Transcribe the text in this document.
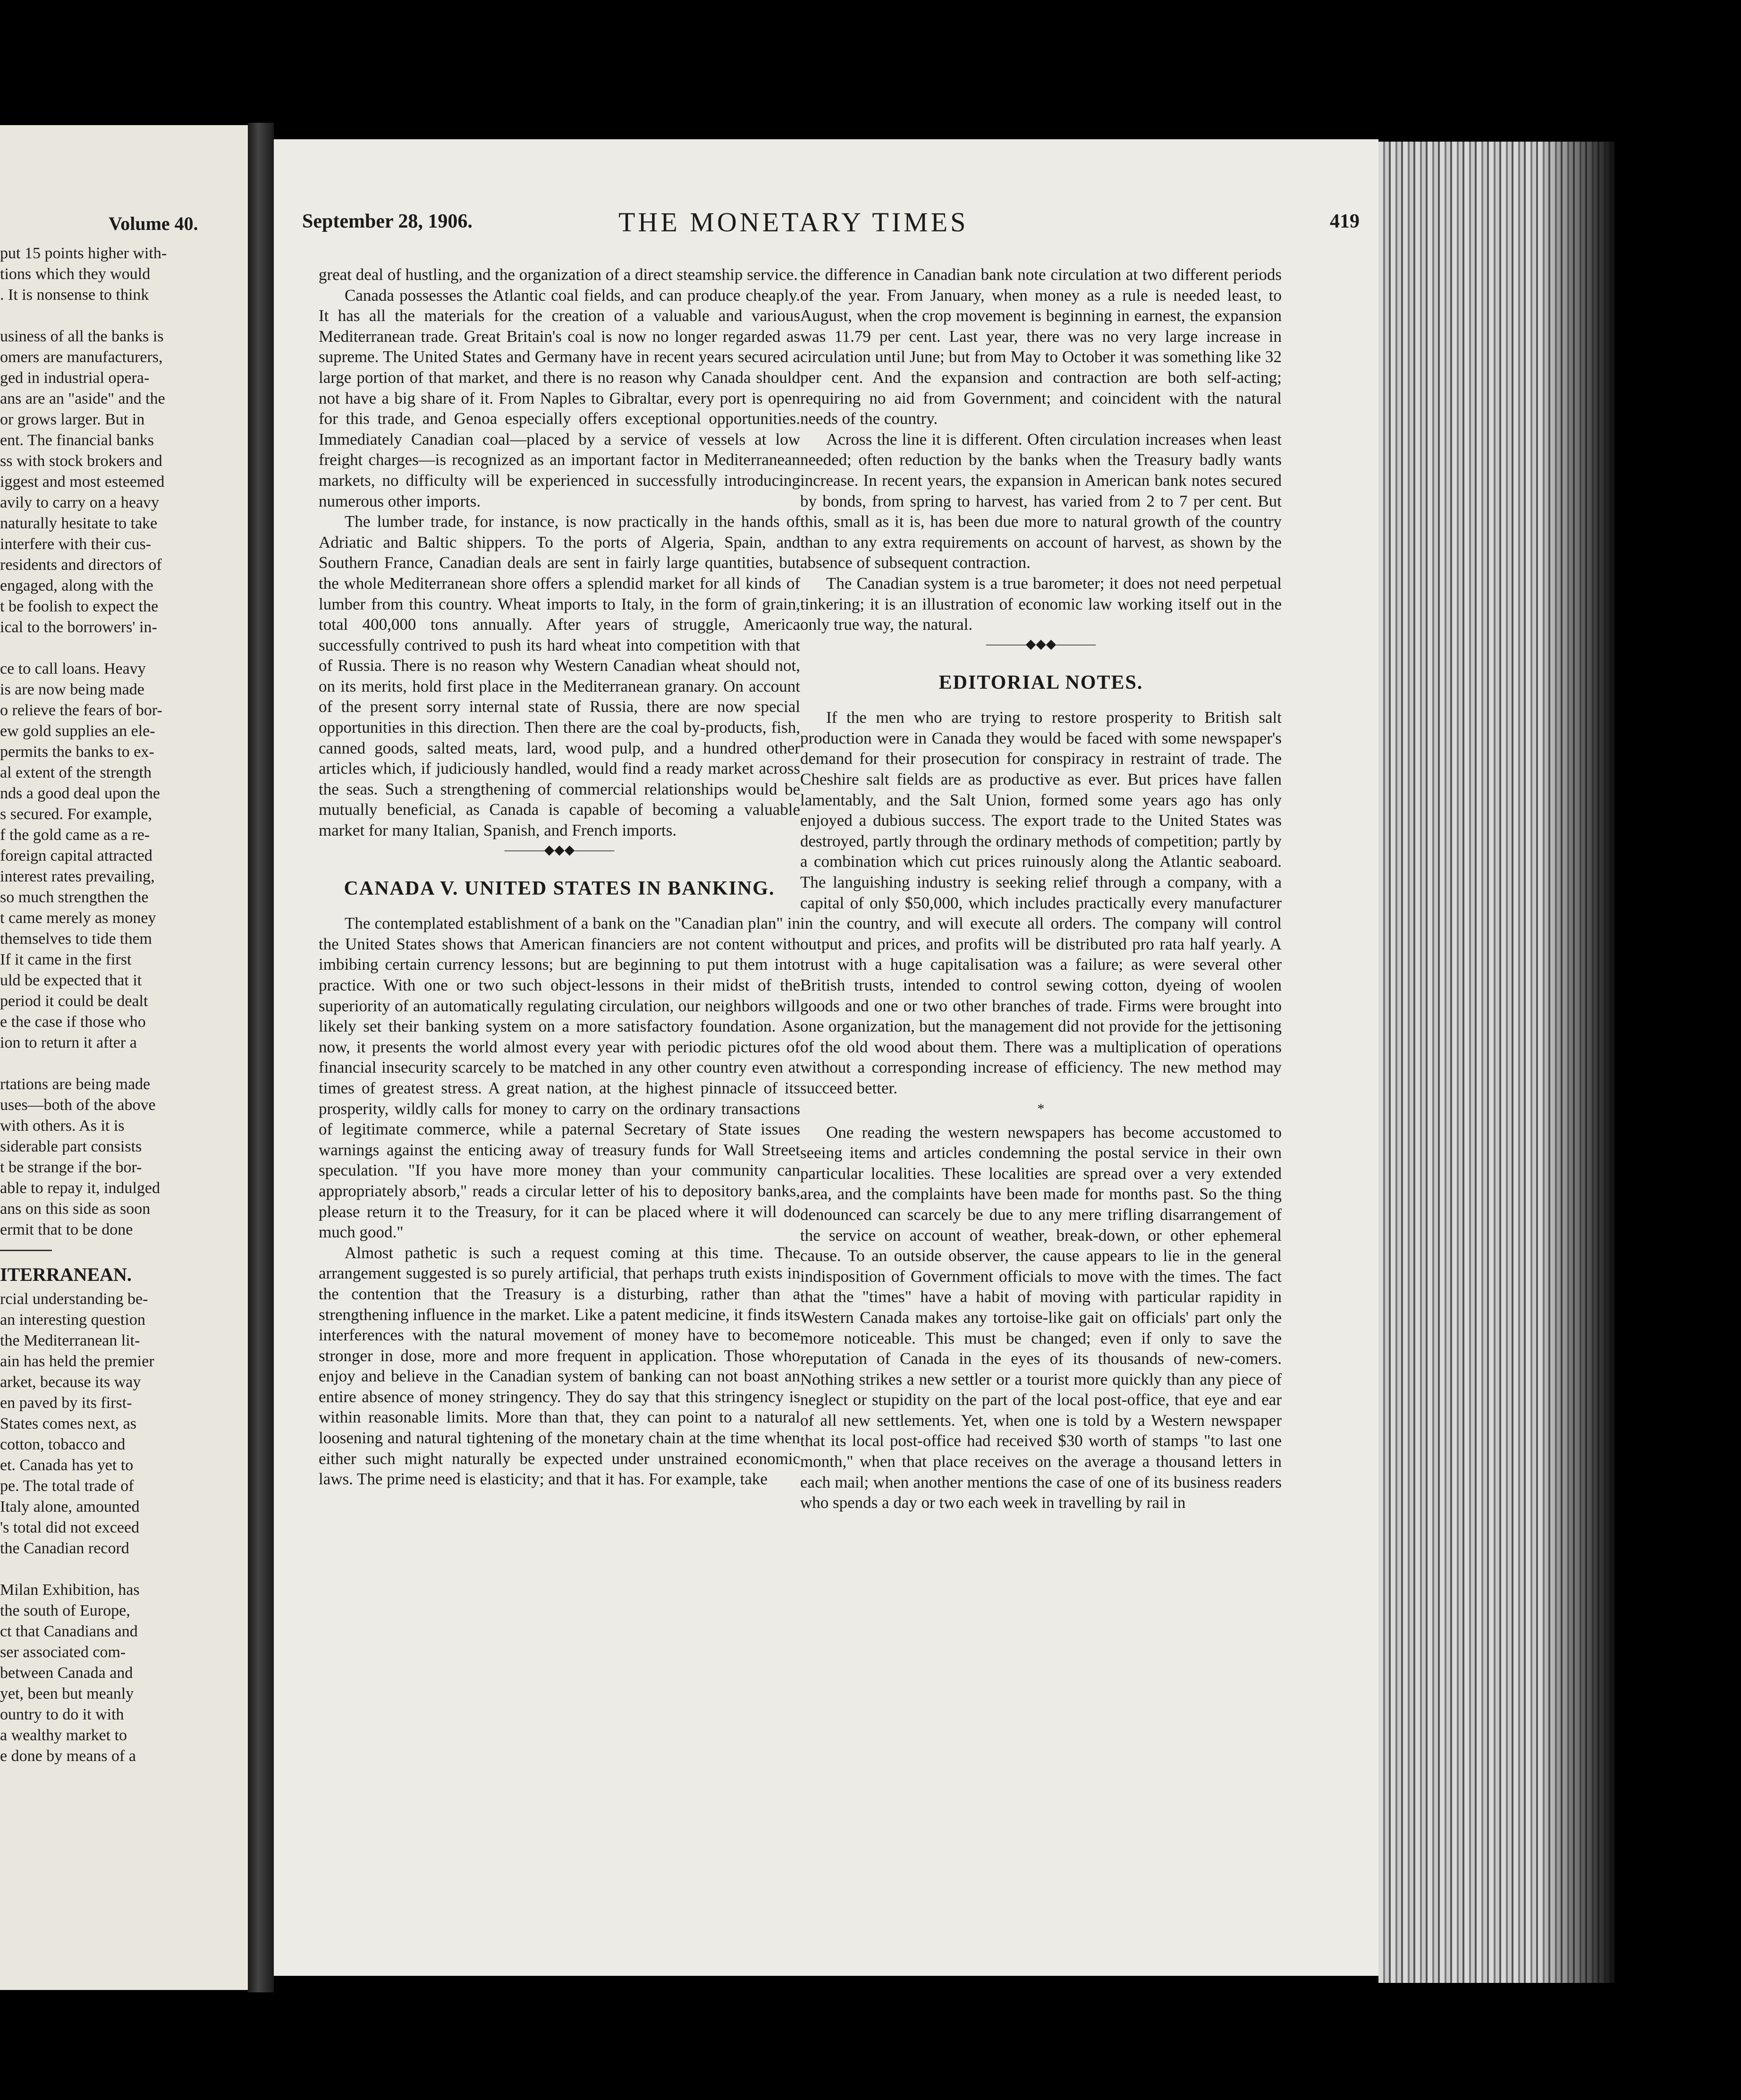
Volume 40.
put 15 points higher with-
tions which they would
. It is nonsense to think
usiness of all the banks is
omers are manufacturers,
ged in industrial opera-
ans are an "aside" and the
or grows larger. But in
ent. The financial banks
ss with stock brokers and
iggest and most esteemed
avily to carry on a heavy
naturally hesitate to take
interfere with their cus-
residents and directors of
engaged, along with the
t be foolish to expect the
ical to the borrowers' in-
ce to call loans. Heavy
is are now being made
o relieve the fears of bor-
ew gold supplies an ele-
permits the banks to ex-
al extent of the strength
nds a good deal upon the
s secured. For example,
f the gold came as a re-
foreign capital attracted
interest rates prevailing,
so much strengthen the
t came merely as money
themselves to tide them
If it came in the first
uld be expected that it
period it could be dealt
e the case if those who
ion to return it after a
rtations are being made
uses—both of the above
with others. As it is
siderable part consists
t be strange if the bor-
able to repay it, indulged
ans on this side as soon
ermit that to be done
ITERRANEAN.
rcial understanding be-
an interesting question
the Mediterranean lit-
ain has held the premier
arket, because its way
en paved by its first-
States comes next, as
cotton, tobacco and
et. Canada has yet to
pe. The total trade of
Italy alone, amounted
's total did not exceed
the Canadian record
Milan Exhibition, has
the south of Europe,
ct that Canadians and
ser associated com-
between Canada and
yet, been but meanly
ountry to do it with
a wealthy market to
e done by means of a
September 28, 1906.	THE MONETARY TIMES	419

great deal of hustling, and the organization of a direct steamship service.

Canada possesses the Atlantic coal fields, and can produce cheaply. It has all the materials for the creation of a valuable and various Mediterranean trade. Great Britain's coal is now no longer regarded as supreme. The United States and Germany have in recent years secured a large portion of that market, and there is no reason why Canada should not have a big share of it. From Naples to Gibraltar, every port is open for this trade, and Genoa especially offers exceptional opportunities. Immediately Canadian coal—placed by a service of vessels at low freight charges—is recognized as an important factor in Mediterranean markets, no difficulty will be experienced in successfully introducing numerous other imports.

The lumber trade, for instance, is now practically in the hands of Adriatic and Baltic shippers. To the ports of Algeria, Spain, and Southern France, Canadian deals are sent in fairly large quantities, but the whole Mediterranean shore offers a splendid market for all kinds of lumber from this country. Wheat imports to Italy, in the form of grain, total 400,000 tons annually. After years of struggle, America successfully contrived to push its hard wheat into competition with that of Russia. There is no reason why Western Canadian wheat should not, on its merits, hold first place in the Mediterranean granary. On account of the present sorry internal state of Russia, there are now special opportunities in this direction. Then there are the coal by-products, fish, canned goods, salted meats, lard, wood pulp, and a hundred other articles which, if judiciously handled, would find a ready market across the seas. Such a strengthening of commercial relationships would be mutually beneficial, as Canada is capable of becoming a valuable market for many Italian, Spanish, and French imports.

———◆◆◆———
CANADA V. UNITED STATES IN BANKING.

The contemplated establishment of a bank on the "Canadian plan" in the United States shows that American financiers are not content with imbibing certain currency lessons; but are beginning to put them into practice. With one or two such object-lessons in their midst of the superiority of an automatically regulating circulation, our neighbors will likely set their banking system on a more satisfactory foundation. As now, it presents the world almost every year with periodic pictures of financial insecurity scarcely to be matched in any other country even at times of greatest stress. A great nation, at the highest pinnacle of its prosperity, wildly calls for money to carry on the ordinary transactions of legitimate commerce, while a paternal Secretary of State issues warnings against the enticing away of treasury funds for Wall Street speculation. "If you have more money than your community can appropriately absorb," reads a circular letter of his to depository banks, please return it to the Treasury, for it can be placed where it will do much good."

Almost pathetic is such a request coming at this time. The arrangement suggested is so purely artificial, that perhaps truth exists in the contention that the Treasury is a disturbing, rather than a strengthening influence in the market. Like a patent medicine, it finds its interferences with the natural movement of money have to become stronger in dose, more and more frequent in application. Those who enjoy and believe in the Canadian system of banking can not boast an entire absence of money stringency. They do say that this stringency is within reasonable limits. More than that, they can point to a natural loosening and natural tightening of the monetary chain at the time when either such might naturally be expected under unstrained economic laws. The prime need is elasticity; and that it has. For example, take

the difference in Canadian bank note circulation at two different periods of the year. From January, when money as a rule is needed least, to August, when the crop movement is beginning in earnest, the expansion was 11.79 per cent. Last year, there was no very large increase in circulation until June; but from May to October it was something like 32 per cent. And the expansion and contraction are both self-acting; requiring no aid from Government; and coincident with the natural needs of the country.

Across the line it is different. Often circulation increases when least needed; often reduction by the banks when the Treasury badly wants increase. In recent years, the expansion in American bank notes secured by bonds, from spring to harvest, has varied from 2 to 7 per cent. But this, small as it is, has been due more to natural growth of the country than to any extra requirements on account of harvest, as shown by the absence of subsequent contraction.

The Canadian system is a true barometer; it does not need perpetual tinkering; it is an illustration of economic law working itself out in the only true way, the natural.

———◆◆◆———
EDITORIAL NOTES.

If the men who are trying to restore prosperity to British salt production were in Canada they would be faced with some newspaper's demand for their prosecution for conspiracy in restraint of trade. The Cheshire salt fields are as productive as ever. But prices have fallen lamentably, and the Salt Union, formed some years ago has only enjoyed a dubious success. The export trade to the United States was destroyed, partly through the ordinary methods of competition; partly by a combination which cut prices ruinously along the Atlantic seaboard. The languishing industry is seeking relief through a company, with a capital of only $50,000, which includes practically every manufacturer in the country, and will execute all orders. The company will control output and prices, and profits will be distributed pro rata half yearly. A trust with a huge capitalisation was a failure; as were several other British trusts, intended to control sewing cotton, dyeing of woolen goods and one or two other branches of trade. Firms were brought into one organization, but the management did not provide for the jettisoning of the old wood about them. There was a multiplication of operations without a corresponding increase of efficiency. The new method may succeed better.

*

One reading the western newspapers has become accustomed to seeing items and articles condemning the postal service in their own particular localities. These localities are spread over a very extended area, and the complaints have been made for months past. So the thing denounced can scarcely be due to any mere trifling disarrangement of the service on account of weather, break-down, or other ephemeral cause. To an outside observer, the cause appears to lie in the general indisposition of Government officials to move with the times. The fact that the "times" have a habit of moving with particular rapidity in Western Canada makes any tortoise-like gait on officials' part only the more noticeable. This must be changed; even if only to save the reputation of Canada in the eyes of its thousands of new-comers. Nothing strikes a new settler or a tourist more quickly than any piece of neglect or stupidity on the part of the local post-office, that eye and ear of all new settlements. Yet, when one is told by a Western newspaper that its local post-office had received $30 worth of stamps "to last one month," when that place receives on the average a thousand letters in each mail; when another mentions the case of one of its business readers who spends a day or two each week in travelling by rail in
